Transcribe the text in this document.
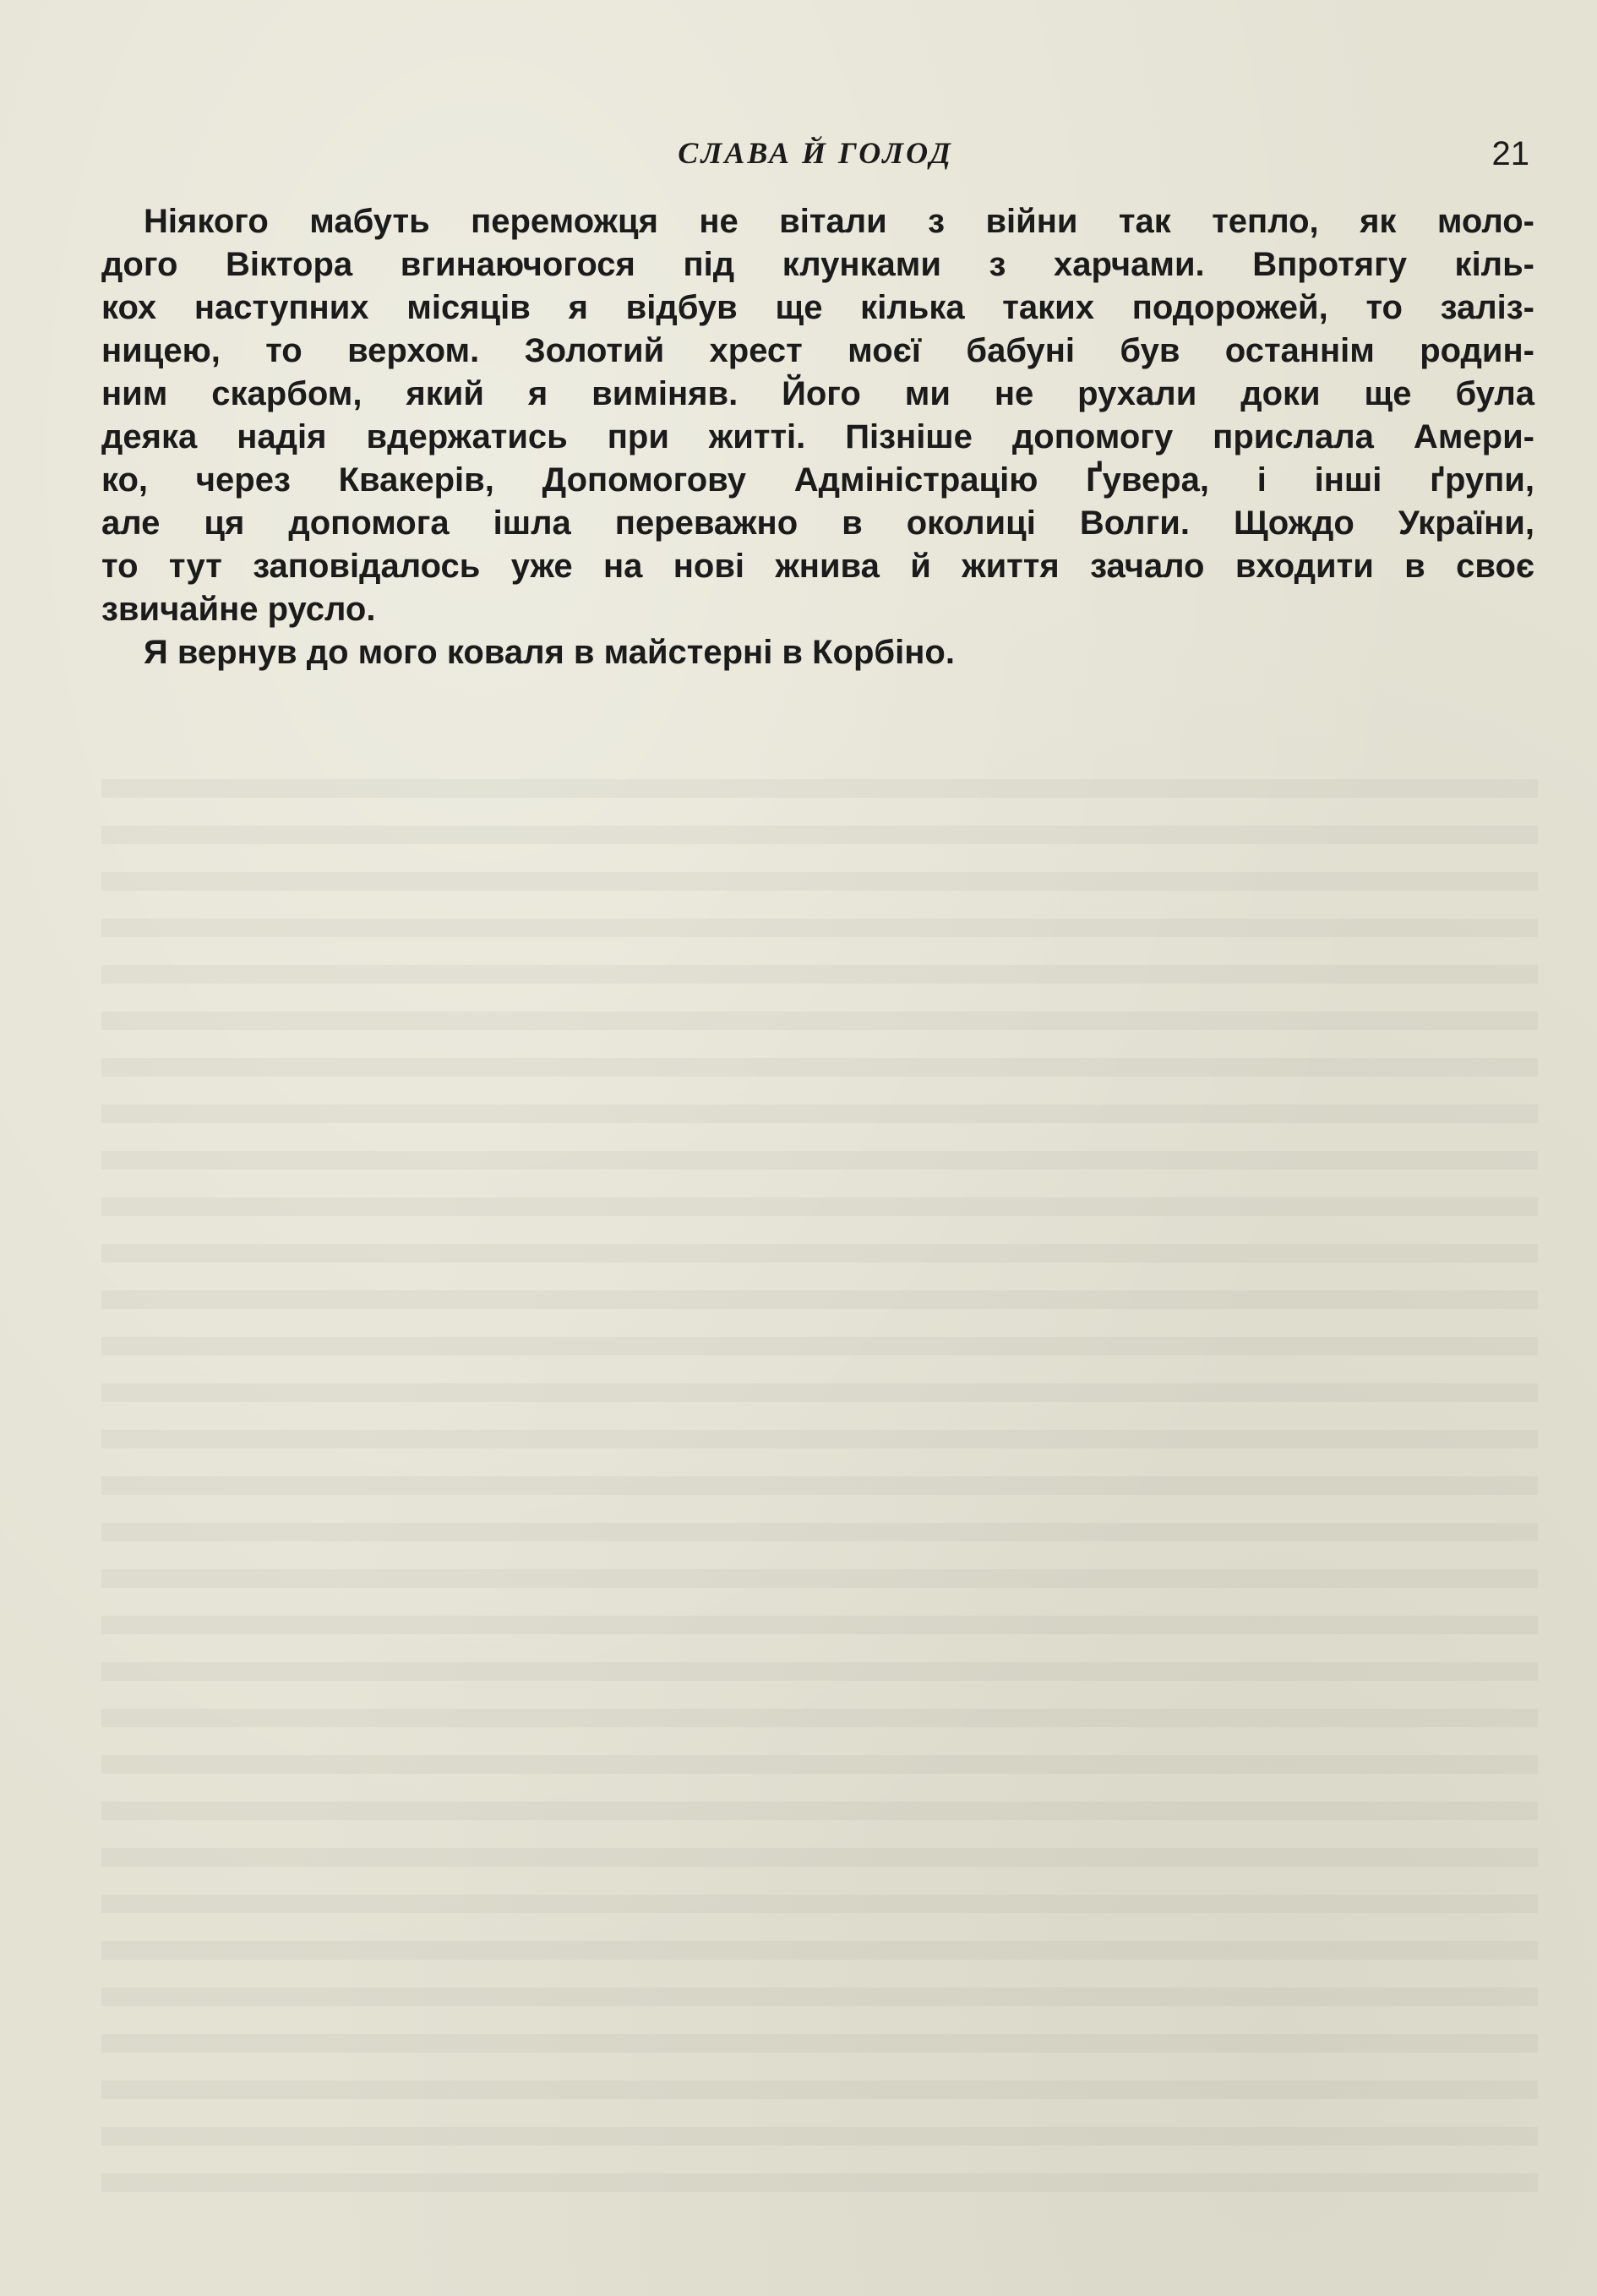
СЛАВА Й ГОЛОД	21
Ніякого мабуть переможця не вітали з війни так тепло, як моло-
дого Віктора вгинаючогося під клунками з харчами. Впротягу кіль-
кох наступних місяців я відбув ще кілька таких подорожей, то заліз-
ницею, то верхом. Золотий хрест моєї бабуні був останнім родин-
ним скарбом, який я виміняв. Його ми не рухали доки ще була
деяка надія вдержатись при житті. Пізніше допомогу прислала Амери-
ко, через Квакерів, Допомогову Адміністрацію Ґувера, і інші ґрупи,
але ця допомога ішла переважно в околиці Волги. Щождо України,
то тут заповідалось уже на нові жнива й життя зачало входити в своє
звичайне русло.
Я вернув до мого коваля в майстерні в Корбіно.
